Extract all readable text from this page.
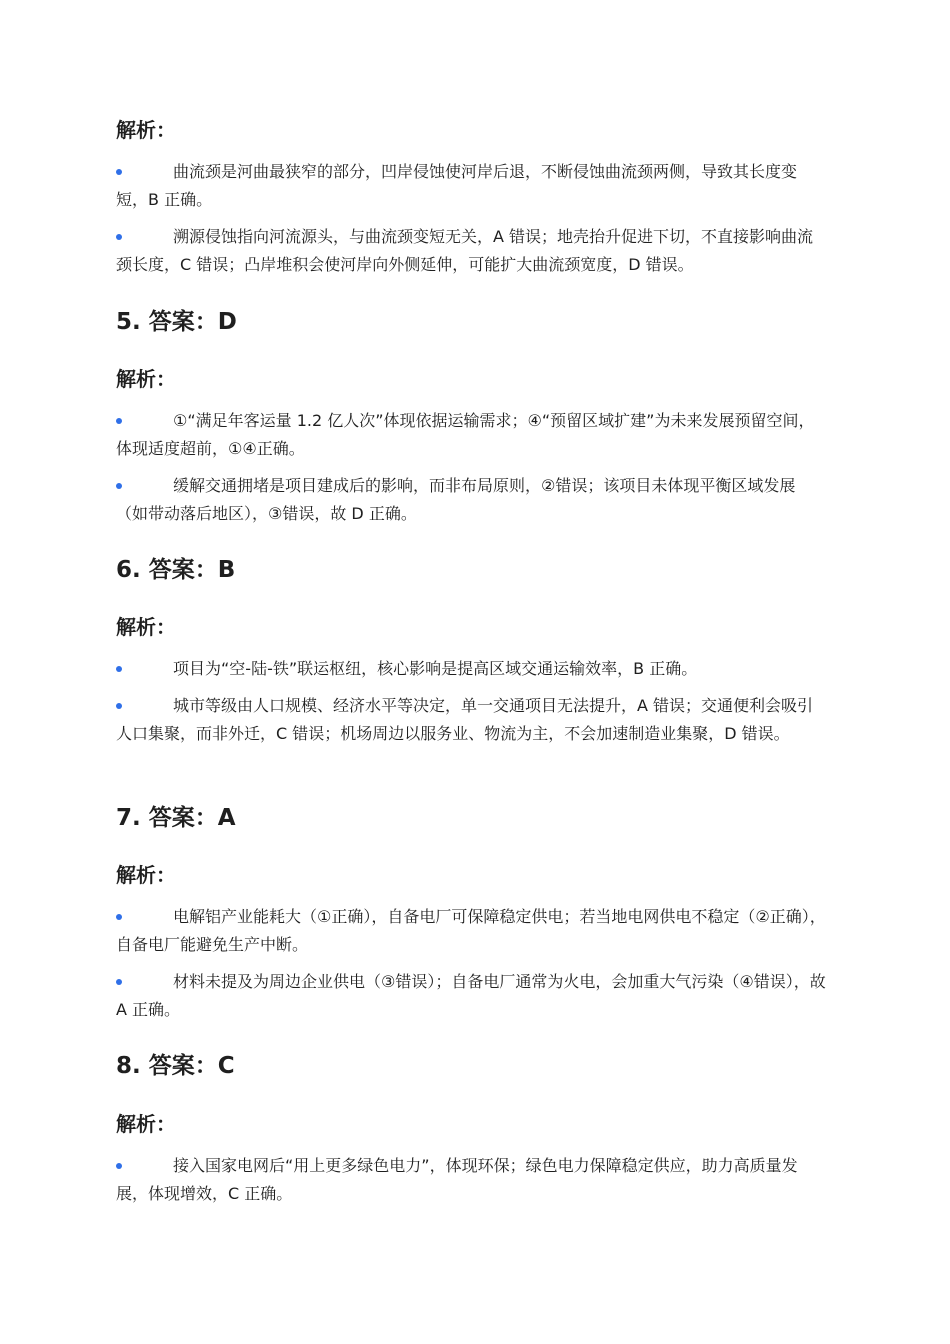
解析：
曲流颈是河曲最狭窄的部分，凹岸侵蚀使河岸后退，不断侵蚀曲流颈两侧，导致其长度变短，B 正确。
溯源侵蚀指向河流源头，与曲流颈变短无关，A 错误；地壳抬升促进下切，不直接影响曲流颈长度，C 错误；凸岸堆积会使河岸向外侧延伸，可能扩大曲流颈宽度，D 错误。
5. 答案：D
解析：
①“满足年客运量 1.2 亿人次”体现依据运输需求；④“预留区域扩建”为未来发展预留空间，体现适度超前，①④正确。
缓解交通拥堵是项目建成后的影响，而非布局原则，②错误；该项目未体现平衡区域发展（如带动落后地区），③错误，故 D 正确。
6. 答案：B
解析：
项目为“空-陆-铁”联运枢纽，核心影响是提高区域交通运输效率，B 正确。
城市等级由人口规模、经济水平等决定，单一交通项目无法提升，A 错误；交通便利会吸引人口集聚，而非外迁，C 错误；机场周边以服务业、物流为主，不会加速制造业集聚，D 错误。
7. 答案：A
解析：
电解铝产业能耗大（①正确），自备电厂可保障稳定供电；若当地电网供电不稳定（②正确），自备电厂能避免生产中断。
材料未提及为周边企业供电（③错误）；自备电厂通常为火电，会加重大气污染（④错误），故 A 正确。
8. 答案：C
解析：
接入国家电网后“用上更多绿色电力”，体现环保；绿色电力保障稳定供应，助力高质量发展，体现增效，C 正确。
